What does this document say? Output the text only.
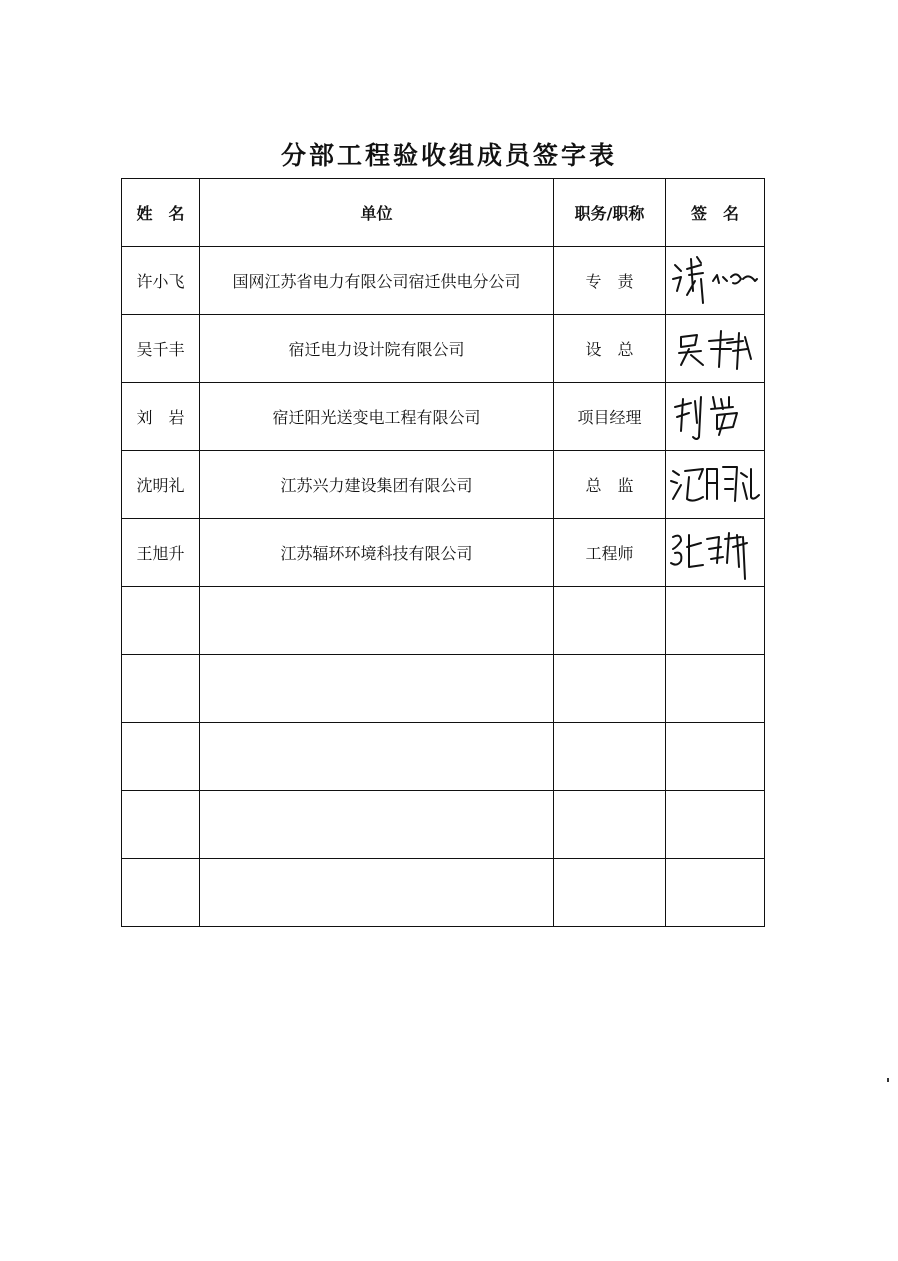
分部工程验收组成员签字表
姓　名	单位	职务/职称	签　名
许小飞	国网江苏省电力有限公司宿迁供电分公司	专　责	

吴千丰	宿迁电力设计院有限公司	设　总	

刘　岩	宿迁阳光送变电工程有限公司	项目经理	

沈明礼	江苏兴力建设集团有限公司	总　监	

王旭升	江苏辐环环境科技有限公司	工程师	
